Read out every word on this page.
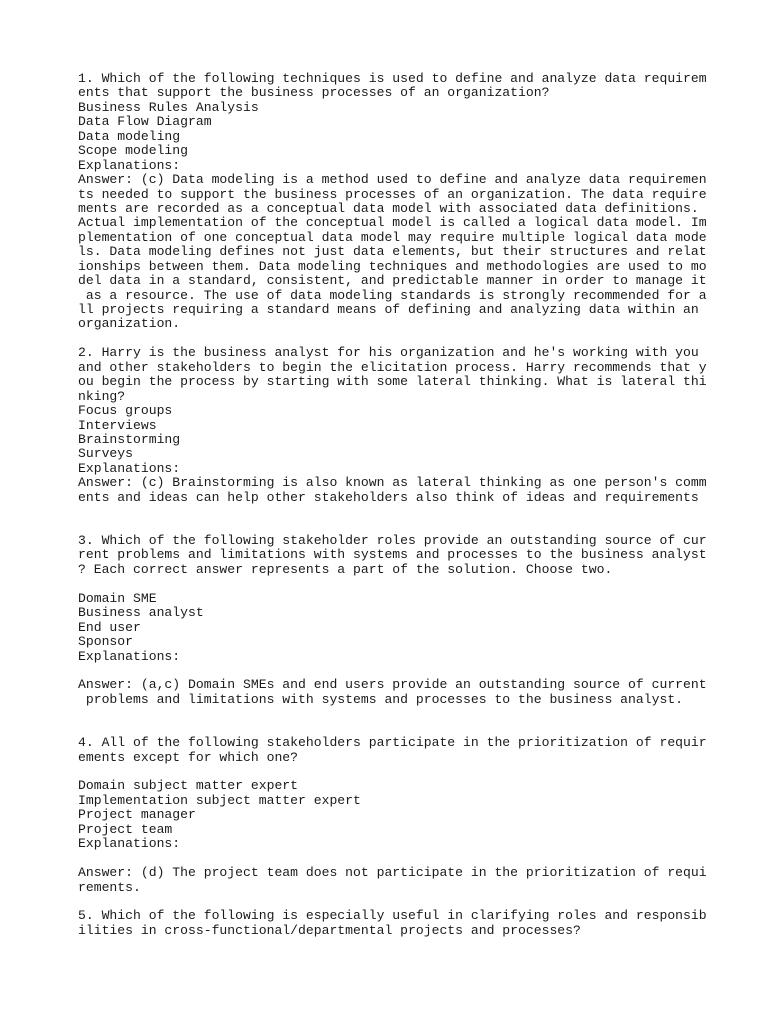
1. Which of the following techniques is used to define and analyze data requirem
ents that support the business processes of an organization?
Business Rules Analysis
Data Flow Diagram
Data modeling
Scope modeling
Explanations:
Answer: (c) Data modeling is a method used to define and analyze data requiremen
ts needed to support the business processes of an organization. The data require
ments are recorded as a conceptual data model with associated data definitions.
Actual implementation of the conceptual model is called a logical data model. Im
plementation of one conceptual data model may require multiple logical data mode
ls. Data modeling defines not just data elements, but their structures and relat
ionships between them. Data modeling techniques and methodologies are used to mo
del data in a standard, consistent, and predictable manner in order to manage it
as a resource. The use of data modeling standards is strongly recommended for a
ll projects requiring a standard means of defining and analyzing data within an
organization.
2. Harry is the business analyst for his organization and he's working with you
and other stakeholders to begin the elicitation process. Harry recommends that y
ou begin the process by starting with some lateral thinking. What is lateral thi
nking?
Focus groups
Interviews
Brainstorming
Surveys
Explanations:
Answer: (c) Brainstorming is also known as lateral thinking as one person's comm
ents and ideas can help other stakeholders also think of ideas and requirements
3. Which of the following stakeholder roles provide an outstanding source of cur
rent problems and limitations with systems and processes to the business analyst
? Each correct answer represents a part of the solution. Choose two.
Domain SME
Business analyst
End user
Sponsor
Explanations:
Answer: (a,c) Domain SMEs and end users provide an outstanding source of current
problems and limitations with systems and processes to the business analyst.
4. All of the following stakeholders participate in the prioritization of requir
ements except for which one?
Domain subject matter expert
Implementation subject matter expert
Project manager
Project team
Explanations:
Answer: (d) The project team does not participate in the prioritization of requi
rements.
5. Which of the following is especially useful in clarifying roles and responsib
ilities in cross-functional/departmental projects and processes?
